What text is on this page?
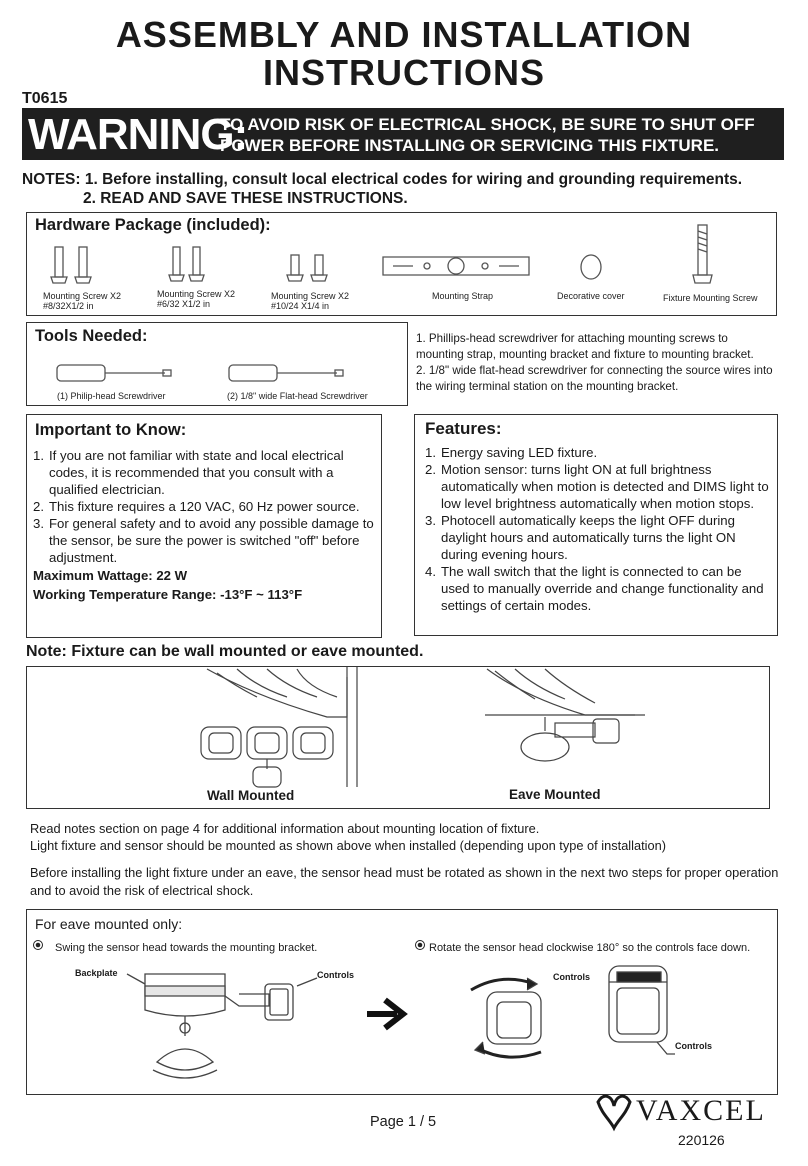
ASSEMBLY AND INSTALLATION
INSTRUCTIONS
T0615
WARNING:
TO AVOID RISK OF ELECTRICAL SHOCK, BE SURE TO SHUT OFF
POWER BEFORE INSTALLING OR SERVICING THIS FIXTURE.
NOTES: 1. Before installing, consult local electrical codes for wiring and grounding requirements.
2. READ AND SAVE THESE INSTRUCTIONS.
Hardware Package (included):
Mounting Screw X2
#8/32X1/2 in
Mounting Screw X2
#6/32 X1/2 in
Mounting Screw X2
#10/24 X1/4 in
Mounting Strap	Decorative cover	Fixture Mounting Screw
Tools Needed:
(1) Philip-head Screwdriver	(2) 1/8" wide Flat-head Screwdriver
1. Phillips-head screwdriver for attaching mounting screws to mounting strap, mounting bracket and fixture to mounting bracket.
2. 1/8" wide flat-head screwdriver for connecting the source wires into the wiring terminal station on the mounting bracket.
Important to Know:
1. If you are not familiar with state and local electrical codes, it is recommended that you consult with a qualified electrician.
2. This fixture requires a 120 VAC, 60 Hz power source.
3. For general safety and to avoid any possible damage to the sensor, be sure the power is switched "off" before adjustment.
Maximum Wattage: 22 W
Working Temperature Range: -13°F ~ 113°F
Features:
1. Energy saving LED fixture.
2. Motion sensor: turns light ON at full brightness automatically when motion is detected and DIMS light to low level brightness automatically when motion stops.
3. Photocell automatically keeps the light OFF during daylight hours and automatically turns the light ON during evening hours.
4. The wall switch that the light is connected to can be used to manually override and change functionality and settings of certain modes.
Note: Fixture can be wall mounted or eave mounted.
Wall Mounted	Eave Mounted
Read notes section on page 4 for additional information about mounting location of fixture.
Light fixture and sensor should be mounted as shown above when installed (depending upon type of installation)
Before installing the light fixture under an eave, the sensor head must be rotated as shown in the next two steps for proper operation and to avoid the risk of electrical shock.
For eave mounted only:
Swing the sensor head towards the mounting bracket.	Rotate the sensor head clockwise 180° so the controls face down.
Backplate	Controls	Controls
Controls
Page 1 / 5	VAXCEL
220126
